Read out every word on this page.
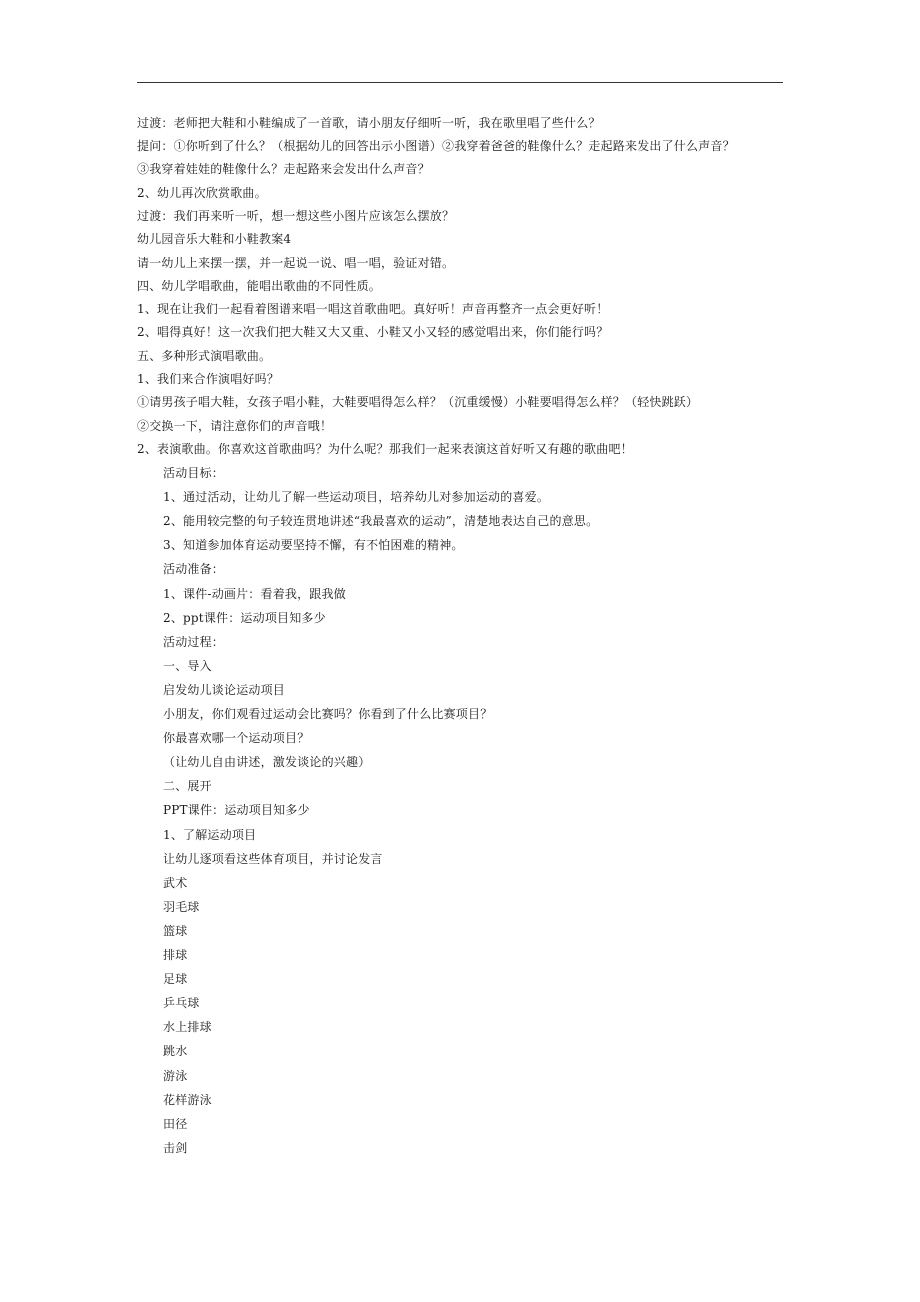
过渡：老师把大鞋和小鞋编成了一首歌，请小朋友仔细听一听，我在歌里唱了些什么？
提问：①你听到了什么？（根据幼儿的回答出示小图谱）②我穿着爸爸的鞋像什么？走起路来发出了什么声音？
③我穿着娃娃的鞋像什么？走起路来会发出什么声音？
2、幼儿再次欣赏歌曲。
过渡：我们再来听一听，想一想这些小图片应该怎么摆放？
幼儿园音乐大鞋和小鞋教案4
请一幼儿上来摆一摆，并一起说一说、唱一唱，验证对错。
四、幼儿学唱歌曲，能唱出歌曲的不同性质。
1、现在让我们一起看着图谱来唱一唱这首歌曲吧。真好听！声音再整齐一点会更好听！
2、唱得真好！这一次我们把大鞋又大又重、小鞋又小又轻的感觉唱出来，你们能行吗？
五、多种形式演唱歌曲。
1、我们来合作演唱好吗？
①请男孩子唱大鞋，女孩子唱小鞋，大鞋要唱得怎么样？（沉重缓慢）小鞋要唱得怎么样？（轻快跳跃）
②交换一下，请注意你们的声音哦！
2、表演歌曲。你喜欢这首歌曲吗？为什么呢？那我们一起来表演这首好听又有趣的歌曲吧！
活动目标：
1、通过活动，让幼儿了解一些运动项目，培养幼儿对参加运动的喜爱。
2、能用较完整的句子较连贯地讲述“我最喜欢的运动”，清楚地表达自己的意思。
3、知道参加体育运动要坚持不懈，有不怕困难的精神。
活动准备：
1、课件-动画片：看着我，跟我做
2、ppt课件：运动项目知多少
活动过程：
一、导入
启发幼儿谈论运动项目
小朋友，你们观看过运动会比赛吗？你看到了什么比赛项目？
你最喜欢哪一个运动项目？
（让幼儿自由讲述，激发谈论的兴趣）
二、展开
PPT课件：运动项目知多少
1、了解运动项目
让幼儿逐项看这些体育项目，并讨论发言
武术
羽毛球
篮球
排球
足球
乒乓球
水上排球
跳水
游泳
花样游泳
田径
击剑
